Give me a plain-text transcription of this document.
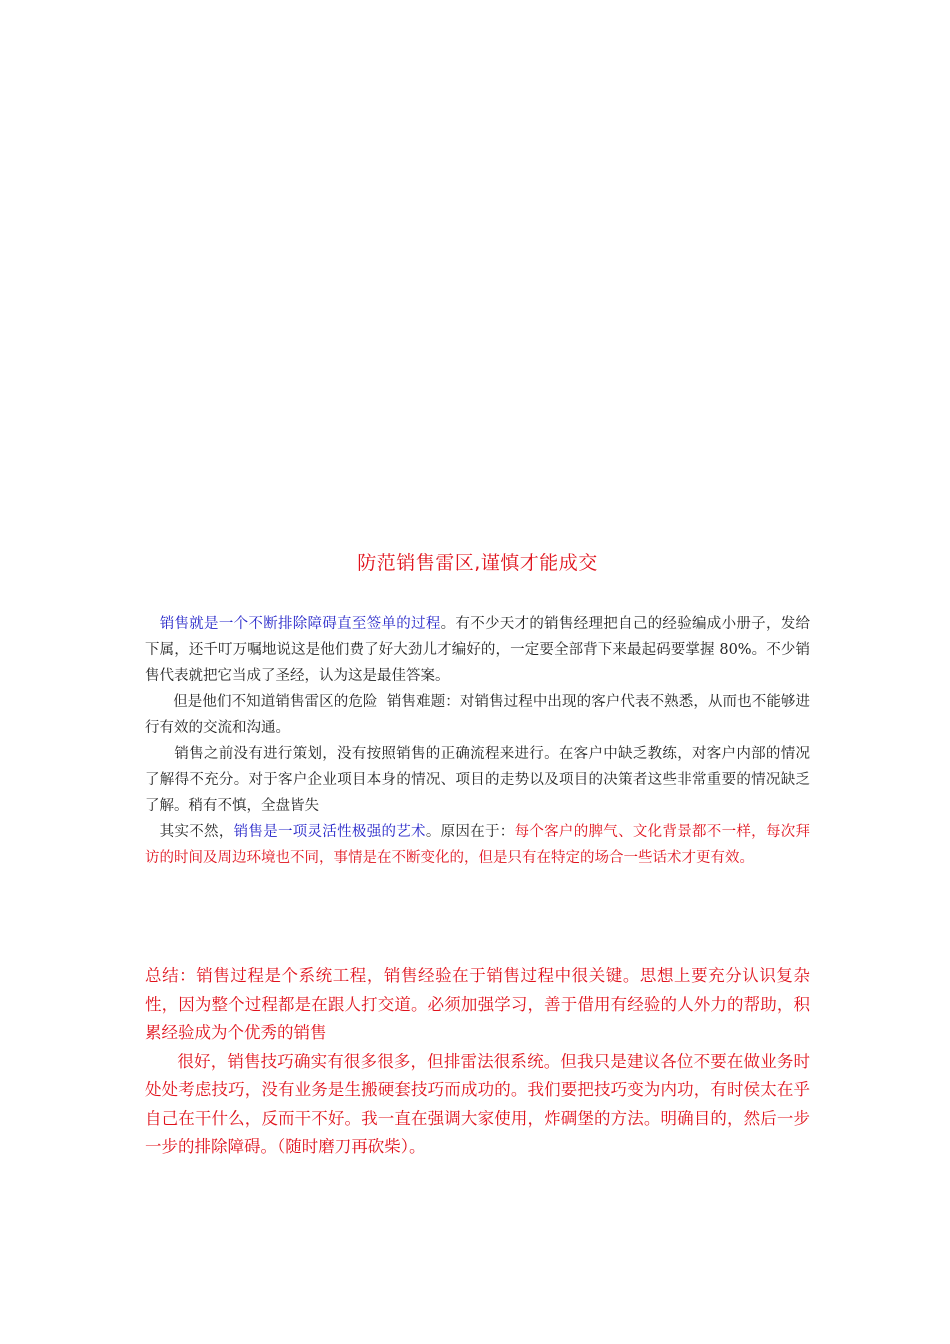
防范销售雷区,谨慎才能成交

销售就是一个不断排除障碍直至签单的过程。有不少天才的销售经理把自己的经验编成小册子，发给下属，还千叮万嘱地说这是他们费了好大劲儿才编好的，一定要全部背下来最起码要掌握 80%。不少销售代表就把它当成了圣经，认为这是最佳答案。

但是他们不知道销售雷区的危险  销售难题：对销售过程中出现的客户代表不熟悉，从而也不能够进行有效的交流和沟通。

销售之前没有进行策划，没有按照销售的正确流程来进行。在客户中缺乏教练，对客户内部的情况了解得不充分。对于客户企业项目本身的情况、项目的走势以及项目的决策者这些非常重要的情况缺乏了解。稍有不慎，全盘皆失

其实不然，销售是一项灵活性极强的艺术。原因在于：每个客户的脾气、文化背景都不一样，每次拜访的时间及周边环境也不同，事情是在不断变化的，但是只有在特定的场合一些话术才更有效。

总结：销售过程是个系统工程，销售经验在于销售过程中很关键。思想上要充分认识复杂性，因为整个过程都是在跟人打交道。必须加强学习，善于借用有经验的人外力的帮助，积累经验成为个优秀的销售

很好，销售技巧确实有很多很多，但排雷法很系统。但我只是建议各位不要在做业务时处处考虑技巧，没有业务是生搬硬套技巧而成功的。我们要把技巧变为内功，有时侯太在乎自己在干什么，反而干不好。我一直在强调大家使用，炸碉堡的方法。明确目的，然后一步一步的排除障碍。（随时磨刀再砍柴）。
